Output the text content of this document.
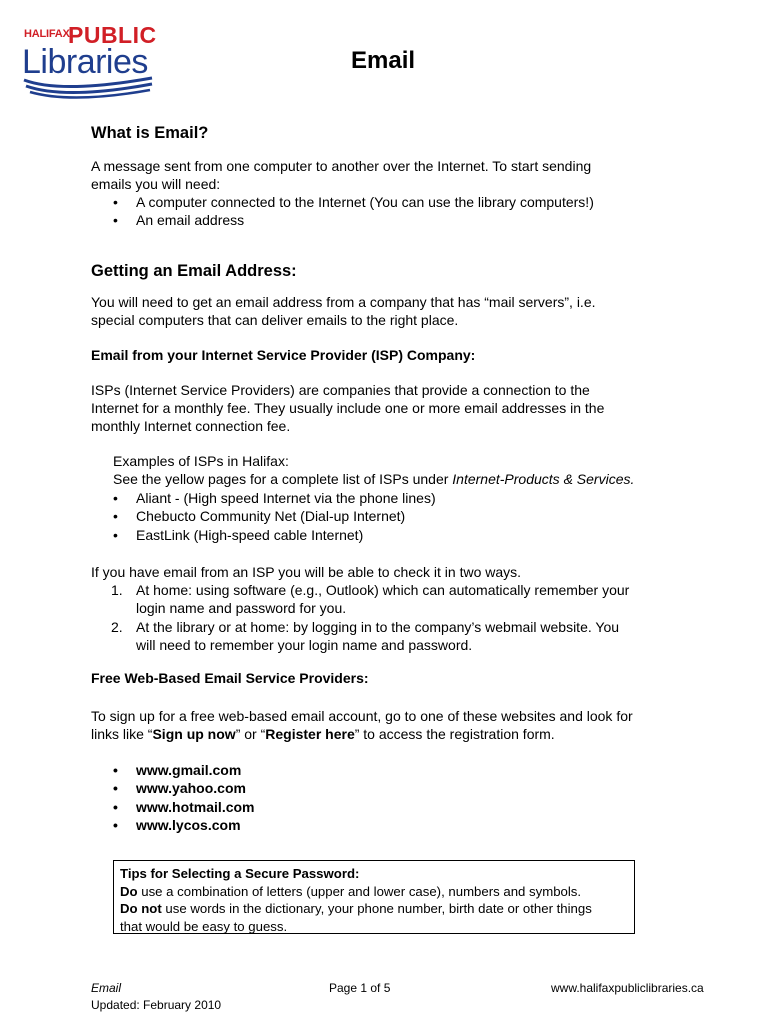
HALIFAX
PUBLIC
Libraries	Email
What is Email?

A message sent from one computer to another over the Internet. To start sending
emails you will need:

• A computer connected to the Internet (You can use the library computers!)
• An email address
Getting an Email Address:

You will need to get an email address from a company that has “mail servers”, i.e.
special computers that can deliver emails to the right place.

Email from your Internet Service Provider (ISP) Company:

ISPs (Internet Service Providers) are companies that provide a connection to the
Internet for a monthly fee. They usually include one or more email addresses in the
monthly Internet connection fee.

Examples of ISPs in Halifax:
See the yellow pages for a complete list of ISPs under Internet-Products & Services.

• Aliant - (High speed Internet via the phone lines)
• Chebucto Community Net (Dial-up Internet)
• EastLink (High-speed cable Internet)

If you have email from an ISP you will be able to check it in two ways.

1. At home: using software (e.g., Outlook) which can automatically remember your
login name and password for you.
2. At the library or at home: by logging in to the company’s webmail website. You
will need to remember your login name and password.
Free Web-Based Email Service Providers:

To sign up for a free web-based email account, go to one of these websites and look for
links like “Sign up now” or “Register here” to access the registration form.

• www.gmail.com
• www.yahoo.com
• www.hotmail.com
• www.lycos.com
Tips for Selecting a Secure Password:
Do use a combination of letters (upper and lower case), numbers and symbols.
Do not use words in the dictionary, your phone number, birth date or other things
that would be easy to guess.
Email
Updated: February 2010
Page 1 of 5	www.halifaxpubliclibraries.ca
